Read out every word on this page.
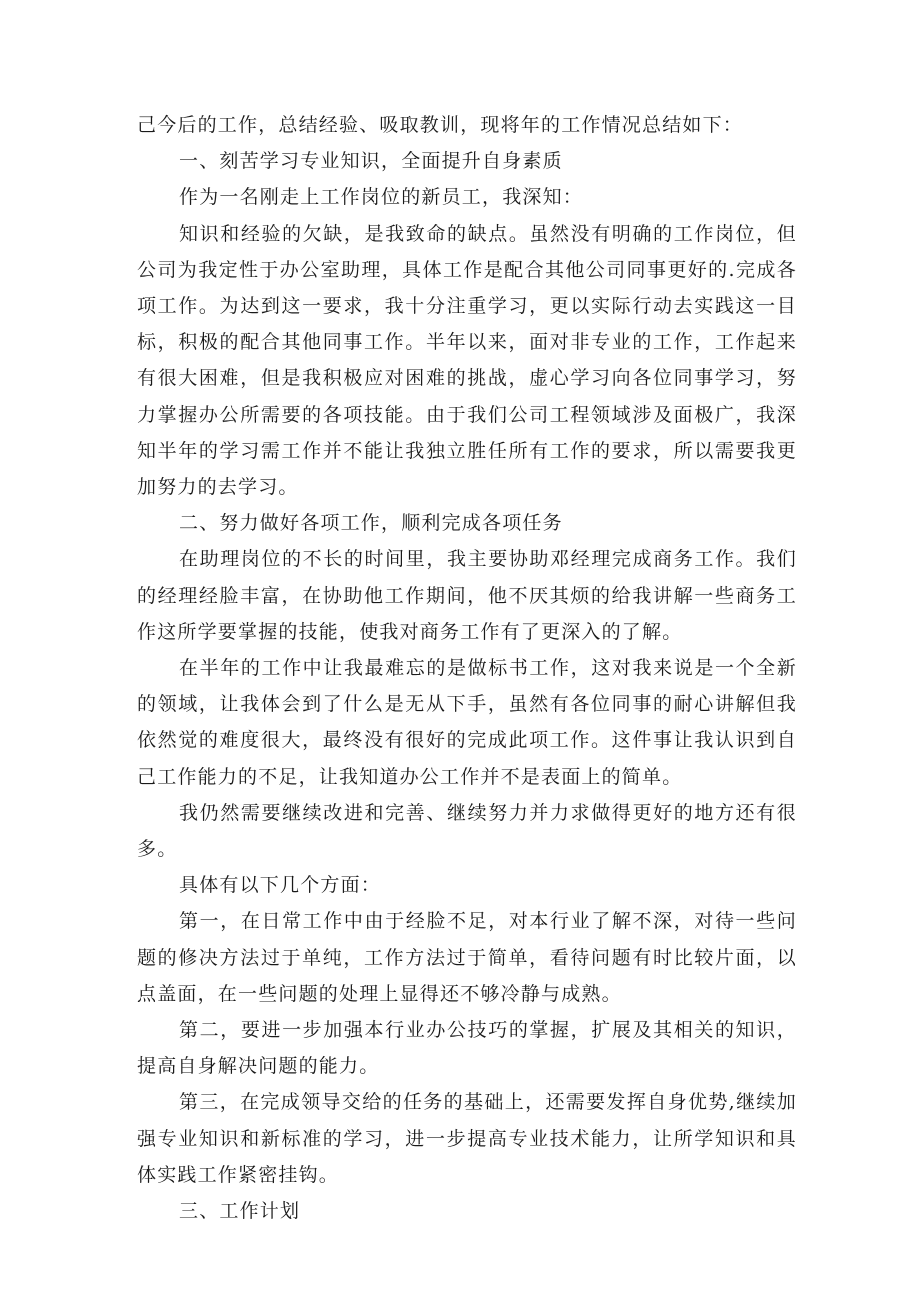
己今后的工作，总结经验、吸取教训，现将年的工作情况总结如下：

一、刻苦学习专业知识，全面提升自身素质

作为一名刚走上工作岗位的新员工，我深知：

知识和经验的欠缺，是我致命的缺点。虽然没有明确的工作岗位，但公司为我定性于办公室助理，具体工作是配合其他公司同事更好的.完成各项工作。为达到这一要求，我十分注重学习，更以实际行动去实践这一目标，积极的配合其他同事工作。半年以来，面对非专业的工作，工作起来有很大困难，但是我积极应对困难的挑战，虚心学习向各位同事学习，努力掌握办公所需要的各项技能。由于我们公司工程领域涉及面极广，我深知半年的学习需工作并不能让我独立胜任所有工作的要求，所以需要我更加努力的去学习。

二、努力做好各项工作，顺利完成各项任务

在助理岗位的不长的时间里，我主要协助邓经理完成商务工作。我们的经理经脸丰富，在协助他工作期间，他不厌其烦的给我讲解一些商务工作这所学要掌握的技能，使我对商务工作有了更深入的了解。

在半年的工作中让我最难忘的是做标书工作，这对我来说是一个全新的领域，让我体会到了什么是无从下手，虽然有各位同事的耐心讲解但我依然觉的难度很大，最终没有很好的完成此项工作。这件事让我认识到自己工作能力的不足，让我知道办公工作并不是表面上的简单。

我仍然需要继续改进和完善、继续努力并力求做得更好的地方还有很多。

具体有以下几个方面：

第一，在日常工作中由于经脸不足，对本行业了解不深，对待一些问题的修决方法过于单纯，工作方法过于简单，看待问题有时比较片面，以点盖面，在一些问题的处理上显得还不够冷静与成熟。

第二，要进一步加强本行业办公技巧的掌握，扩展及其相关的知识，提高自身解决问题的能力。

第三，在完成领导交给的任务的基础上，还需要发挥自身优势,继续加强专业知识和新标准的学习，进一步提高专业技术能力，让所学知识和具体实践工作紧密挂钩。

三、工作计划
